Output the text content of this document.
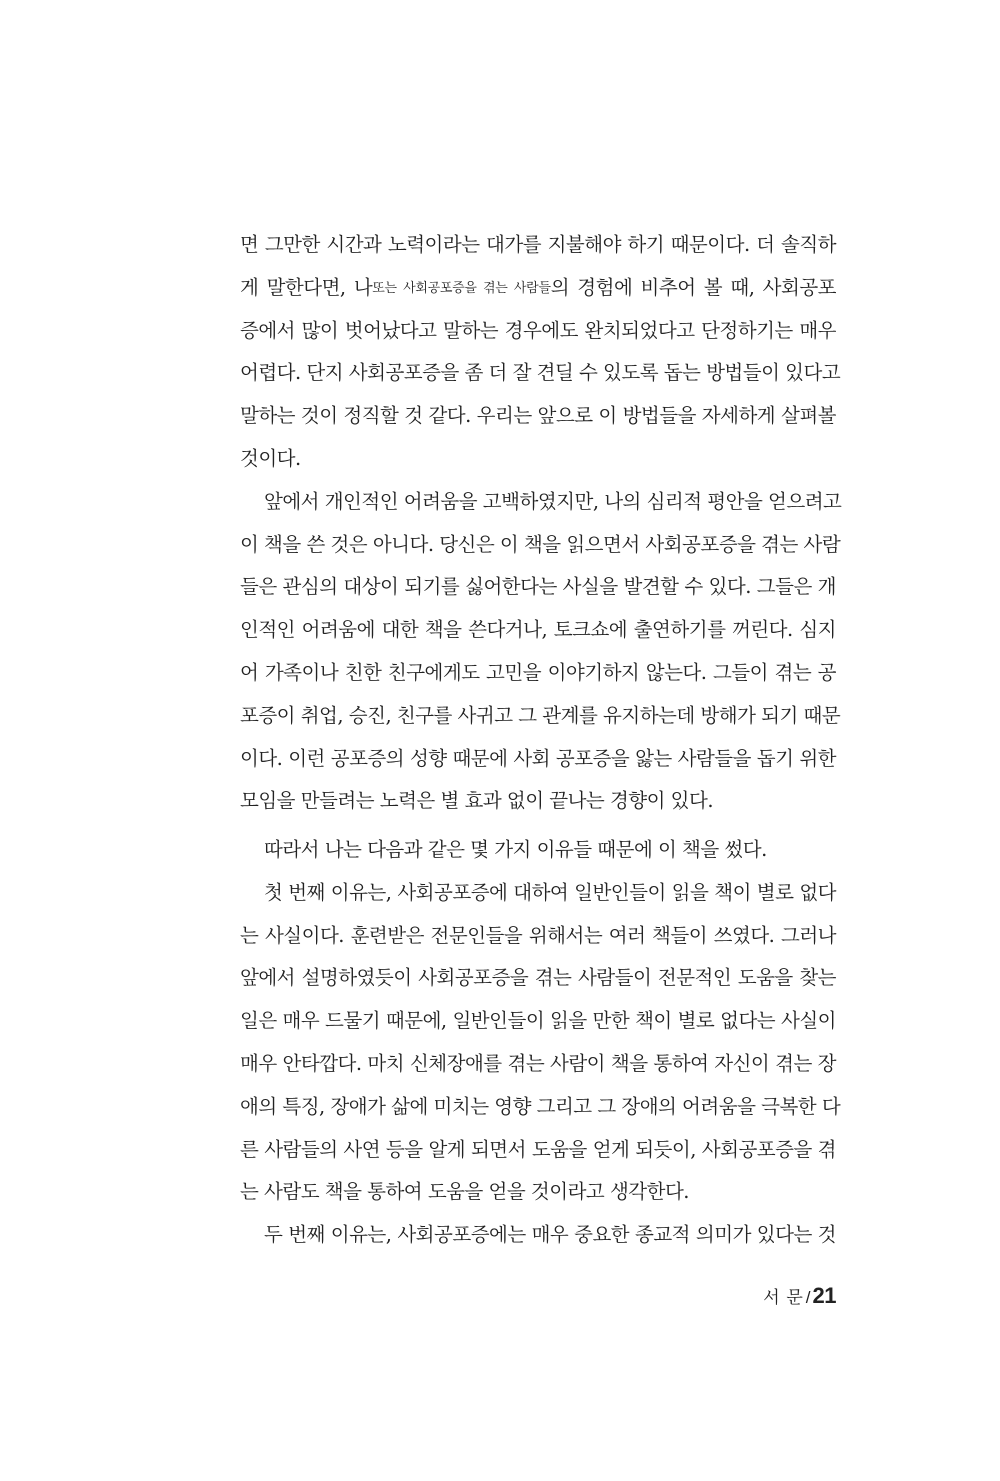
면 그만한 시간과 노력이라는 대가를 지불해야 하기 때문이다. 더 솔직하
게 말한다면, 나또는 사회공포증을 겪는 사람들의 경험에 비추어 볼 때, 사회공포
증에서 많이 벗어났다고 말하는 경우에도 완치되었다고 단정하기는 매우
어렵다. 단지 사회공포증을 좀 더 잘 견딜 수 있도록 돕는 방법들이 있다고
말하는 것이 정직할 것 같다. 우리는 앞으로 이 방법들을 자세하게 살펴볼
것이다.
앞에서 개인적인 어려움을 고백하였지만, 나의 심리적 평안을 얻으려고
이 책을 쓴 것은 아니다. 당신은 이 책을 읽으면서 사회공포증을 겪는 사람
들은 관심의 대상이 되기를 싫어한다는 사실을 발견할 수 있다. 그들은 개
인적인 어려움에 대한 책을 쓴다거나, 토크쇼에 출연하기를 꺼린다. 심지
어 가족이나 친한 친구에게도 고민을 이야기하지 않는다. 그들이 겪는 공
포증이 취업, 승진, 친구를 사귀고 그 관계를 유지하는데 방해가 되기 때문
이다. 이런 공포증의 성향 때문에 사회 공포증을 앓는 사람들을 돕기 위한
모임을 만들려는 노력은 별 효과 없이 끝나는 경향이 있다.
따라서 나는 다음과 같은 몇 가지 이유들 때문에 이 책을 썼다.
첫 번째 이유는, 사회공포증에 대하여 일반인들이 읽을 책이 별로 없다
는 사실이다. 훈련받은 전문인들을 위해서는 여러 책들이 쓰였다. 그러나
앞에서 설명하였듯이 사회공포증을 겪는 사람들이 전문적인 도움을 찾는
일은 매우 드물기 때문에, 일반인들이 읽을 만한 책이 별로 없다는 사실이
매우 안타깝다. 마치 신체장애를 겪는 사람이 책을 통하여 자신이 겪는 장
애의 특징, 장애가 삶에 미치는 영향 그리고 그 장애의 어려움을 극복한 다
른 사람들의 사연 등을 알게 되면서 도움을 얻게 되듯이, 사회공포증을 겪
는 사람도 책을 통하여 도움을 얻을 것이라고 생각한다.
두 번째 이유는, 사회공포증에는 매우 중요한 종교적 의미가 있다는 것
서 문 /21
